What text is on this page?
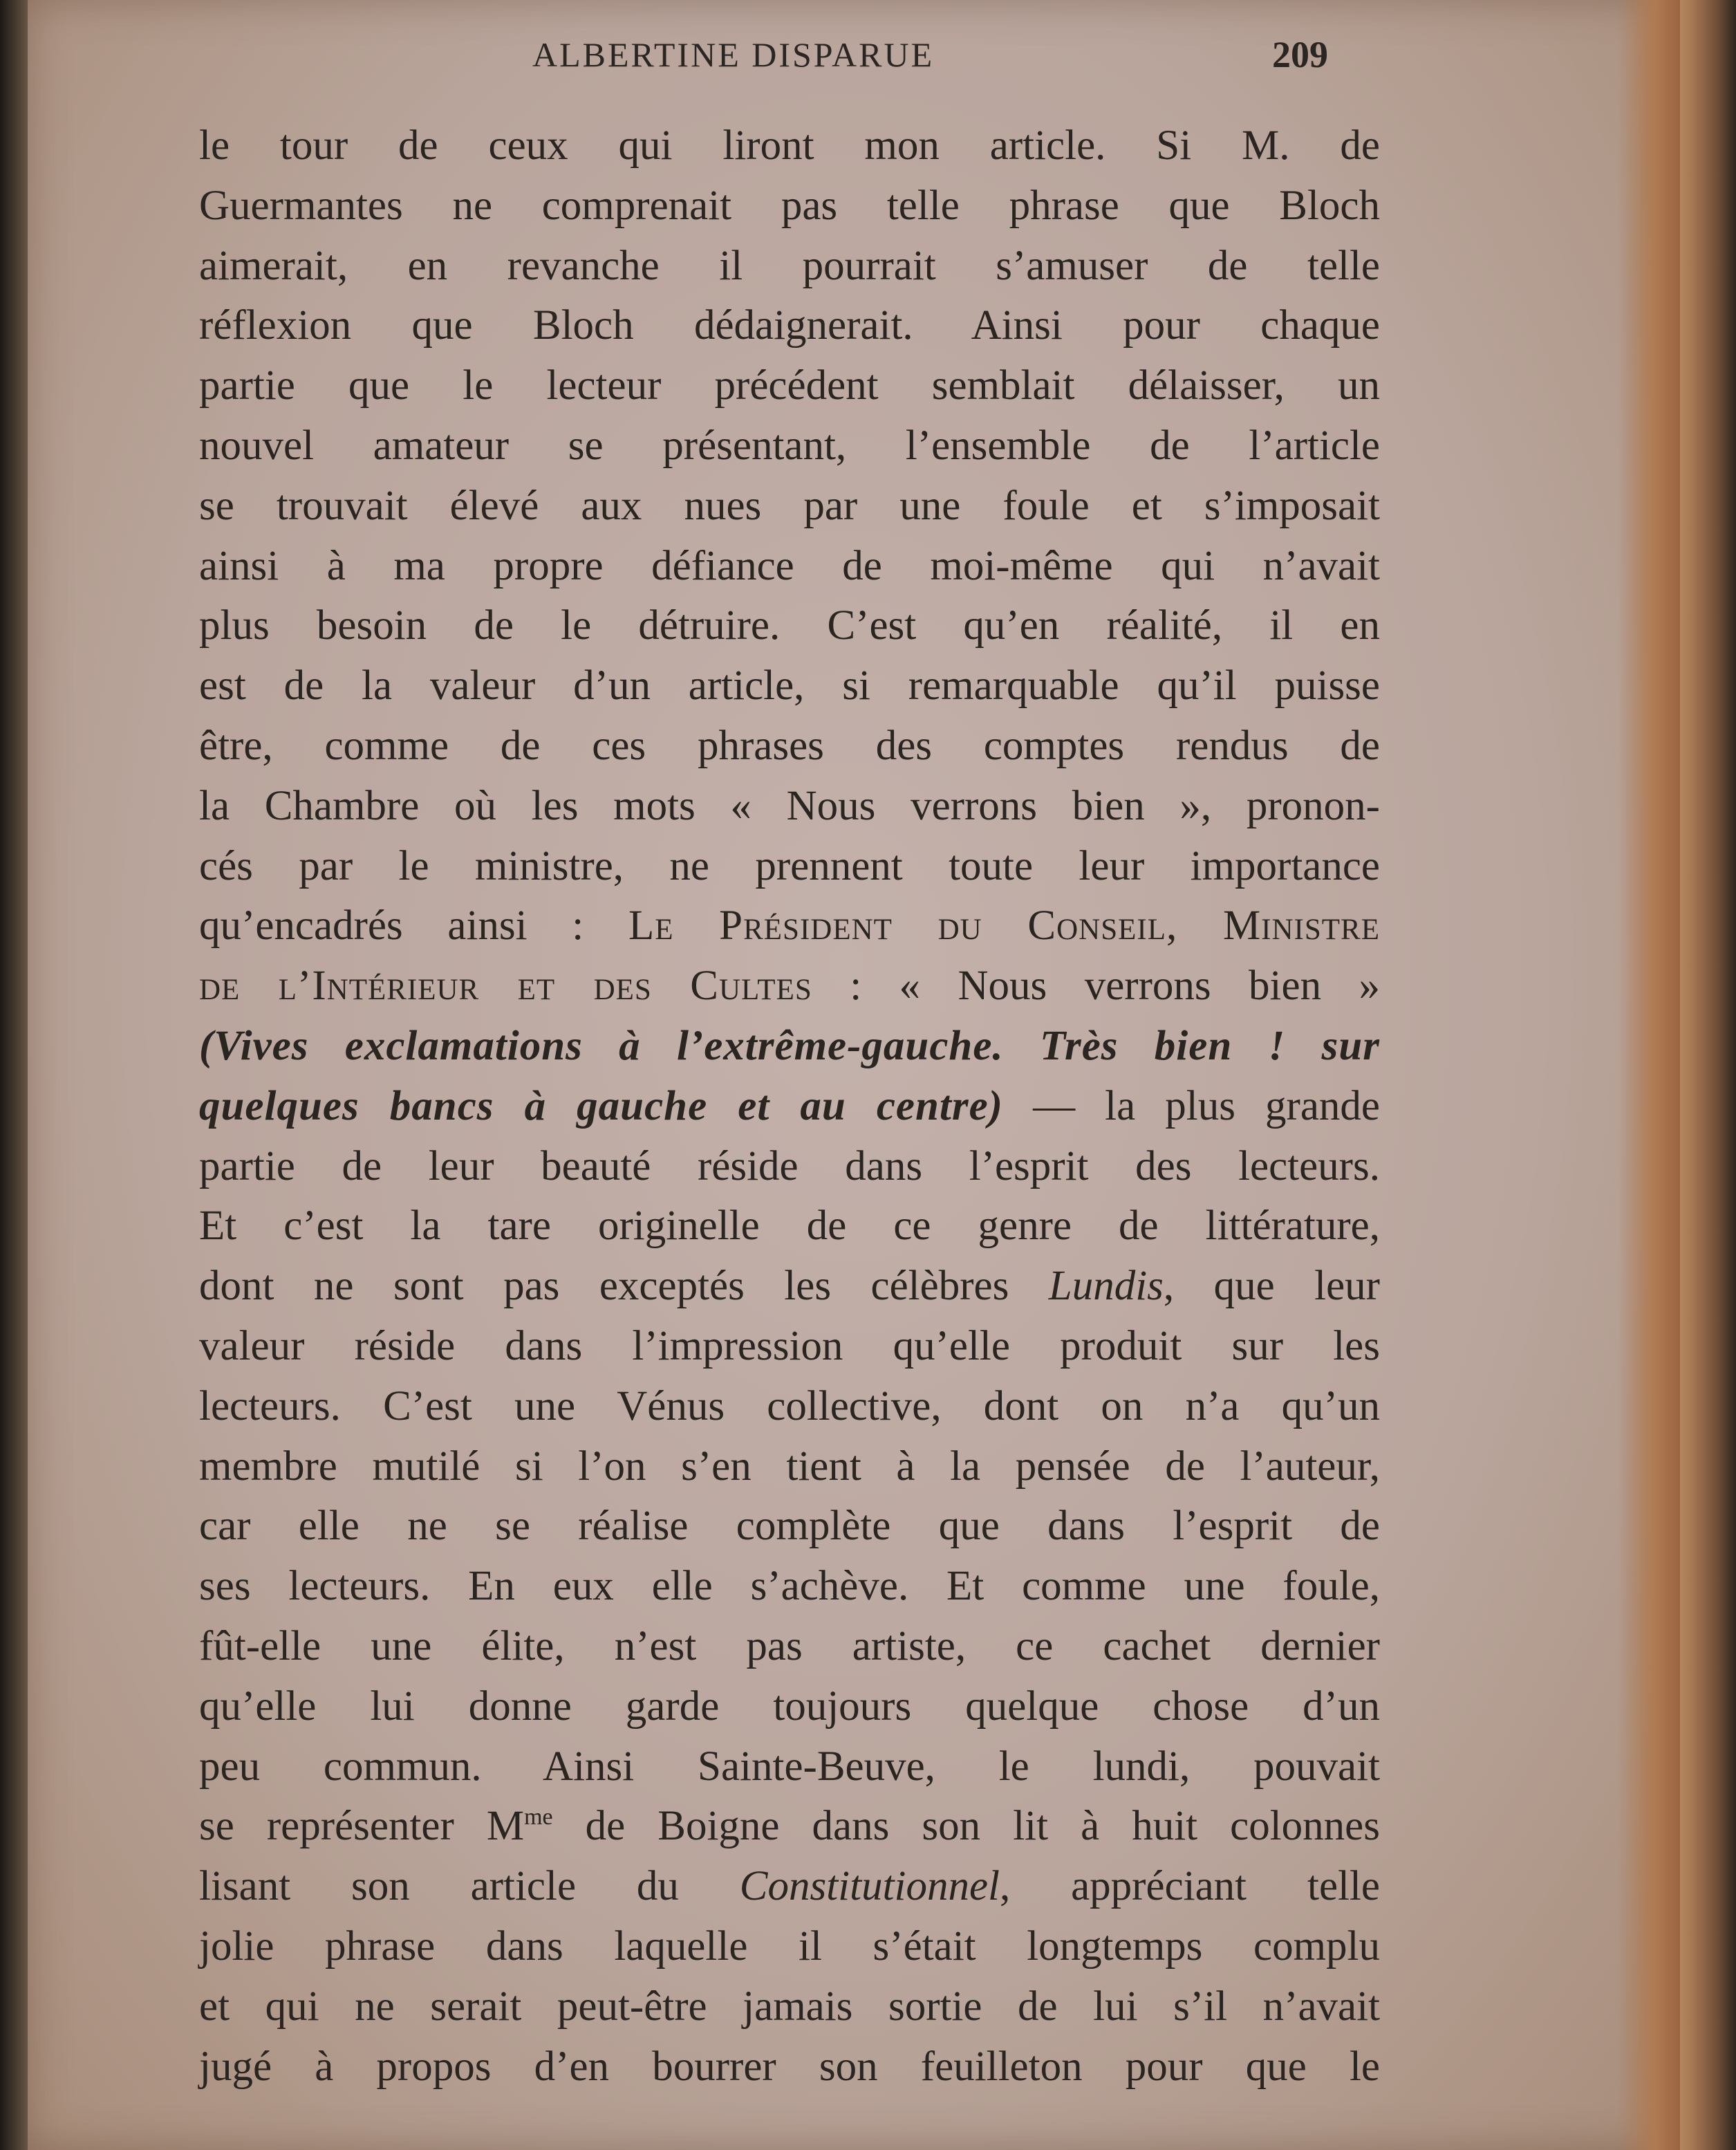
ALBERTINE DISPARUE	209
le tour de ceux qui liront mon article. Si M. de
Guermantes ne comprenait pas telle phrase que Bloch
aimerait, en revanche il pourrait s’amuser de telle
réflexion que Bloch dédaignerait. Ainsi pour chaque
partie que le lecteur précédent semblait délaisser, un
nouvel amateur se présentant, l’ensemble de l’article
se trouvait élevé aux nues par une foule et s’imposait
ainsi à ma propre défiance de moi-même qui n’avait
plus besoin de le détruire. C’est qu’en réalité, il en
est de la valeur d’un article, si remarquable qu’il puisse
être, comme de ces phrases des comptes rendus de
la Chambre où les mots « Nous verrons bien », pronon-
cés par le ministre, ne prennent toute leur importance
qu’encadrés ainsi : Le Président du Conseil, Ministre
de l’Intérieur et des Cultes : « Nous verrons bien »
(Vives exclamations à l’extrême-gauche. Très bien ! sur
quelques bancs à gauche et au centre) — la plus grande
partie de leur beauté réside dans l’esprit des lecteurs.
Et c’est la tare originelle de ce genre de littérature,
dont ne sont pas exceptés les célèbres Lundis, que leur
valeur réside dans l’impression qu’elle produit sur les
lecteurs. C’est une Vénus collective, dont on n’a qu’un
membre mutilé si l’on s’en tient à la pensée de l’auteur,
car elle ne se réalise complète que dans l’esprit de
ses lecteurs. En eux elle s’achève. Et comme une foule,
fût-elle une élite, n’est pas artiste, ce cachet dernier
qu’elle lui donne garde toujours quelque chose d’un
peu commun. Ainsi Sainte-Beuve, le lundi, pouvait
se représenter $M^{me}$ de Boigne dans son lit à huit colonnes
lisant son article du Constitutionnel, appréciant telle
jolie phrase dans laquelle il s’était longtemps complu
et qui ne serait peut-être jamais sortie de lui s’il n’avait
jugé à propos d’en bourrer son feuilleton pour que le
